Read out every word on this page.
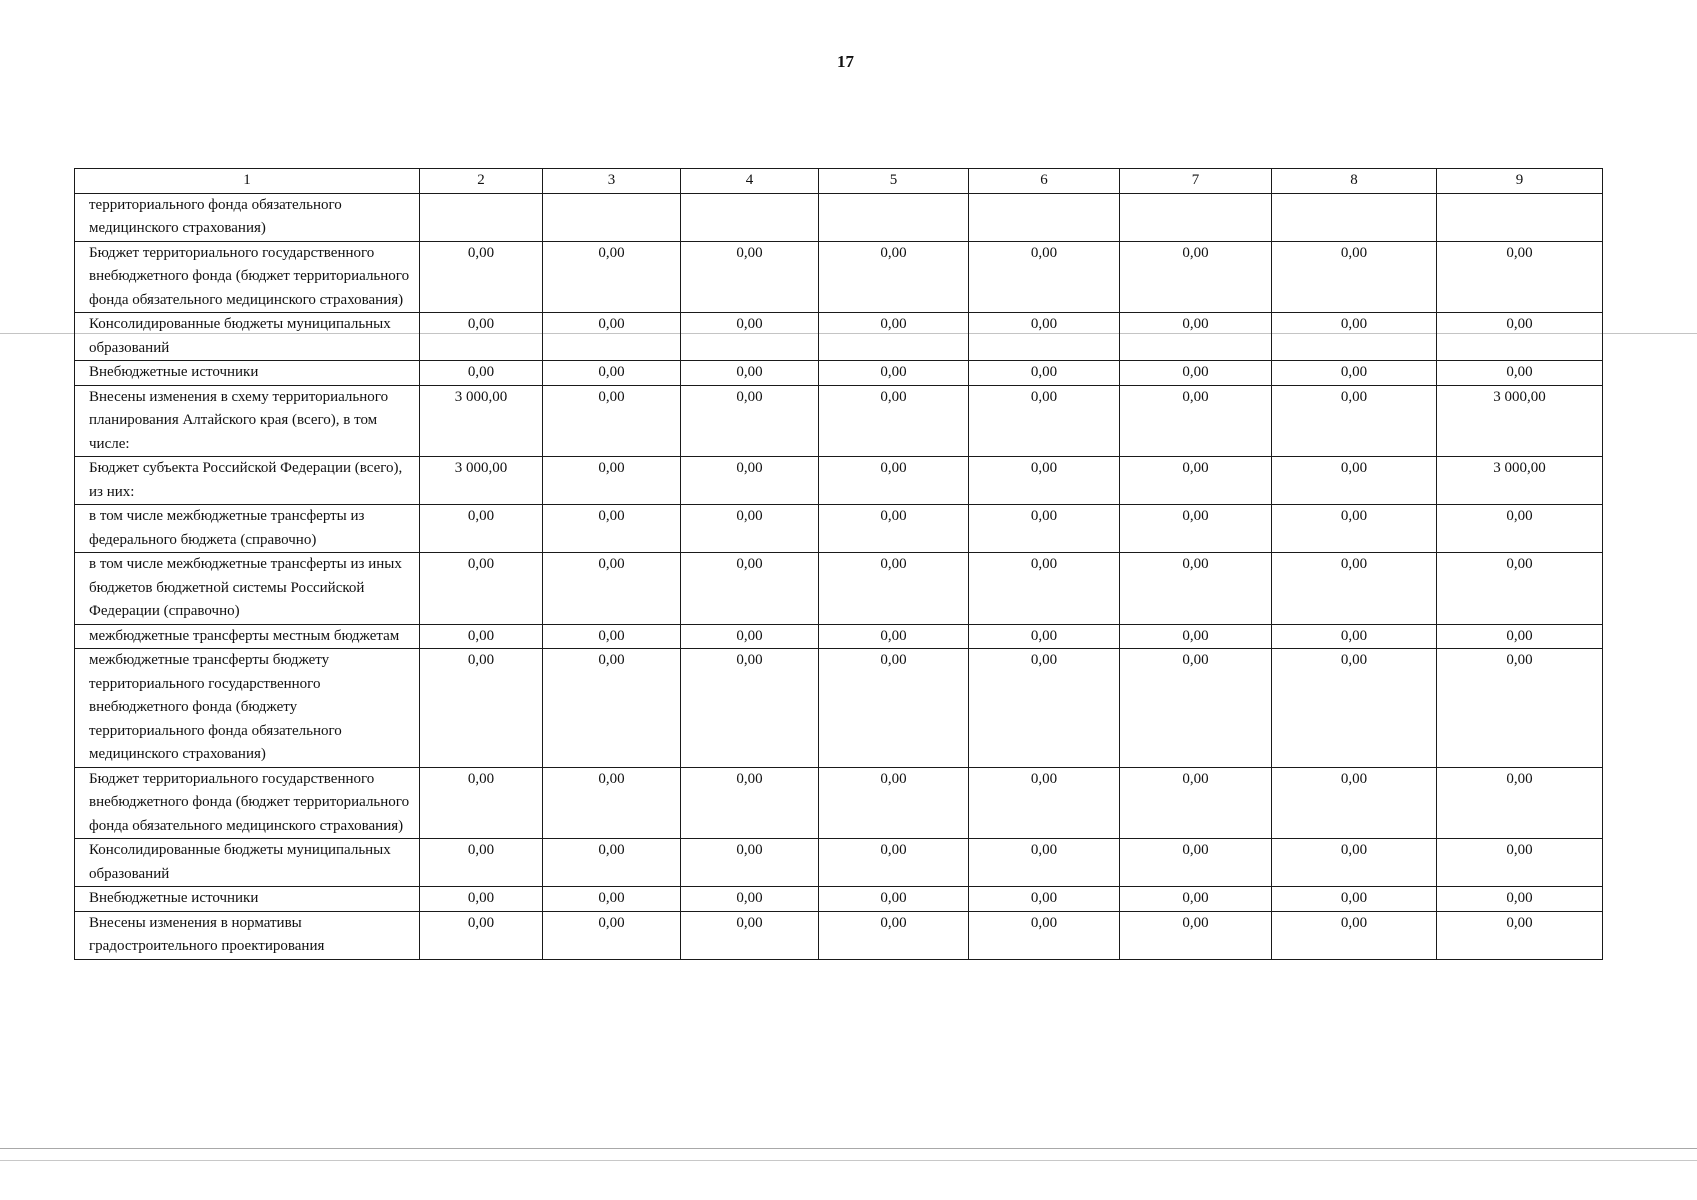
17
1	2	3	4	5	6	7	8	9
территориального фонда обязательного медицинского страхования)								
Бюджет территориального государственного внебюджетного фонда (бюджет территориального фонда обязательного медицинского страхования)	0,00	0,00	0,00	0,00	0,00	0,00	0,00	0,00
Консолидированные бюджеты муниципальных образований	0,00	0,00	0,00	0,00	0,00	0,00	0,00	0,00
Внебюджетные источники	0,00	0,00	0,00	0,00	0,00	0,00	0,00	0,00
Внесены изменения в схему территориального планирования Алтайского края (всего), в том числе:	3 000,00	0,00	0,00	0,00	0,00	0,00	0,00	3 000,00
Бюджет субъекта Российской Федерации (всего), из них:	3 000,00	0,00	0,00	0,00	0,00	0,00	0,00	3 000,00
в том числе межбюджетные трансферты из федерального бюджета (справочно)	0,00	0,00	0,00	0,00	0,00	0,00	0,00	0,00
в том числе межбюджетные трансферты из иных бюджетов бюджетной системы Российской Федерации (справочно)	0,00	0,00	0,00	0,00	0,00	0,00	0,00	0,00
межбюджетные трансферты местным бюджетам	0,00	0,00	0,00	0,00	0,00	0,00	0,00	0,00
межбюджетные трансферты бюджету территориального государственного внебюджетного фонда (бюджету территориального фонда обязательного медицинского страхования)	0,00	0,00	0,00	0,00	0,00	0,00	0,00	0,00
Бюджет территориального государственного внебюджетного фонда (бюджет территориального фонда обязательного медицинского страхования)	0,00	0,00	0,00	0,00	0,00	0,00	0,00	0,00
Консолидированные бюджеты муниципальных образований	0,00	0,00	0,00	0,00	0,00	0,00	0,00	0,00
Внебюджетные источники	0,00	0,00	0,00	0,00	0,00	0,00	0,00	0,00
Внесены изменения в нормативы градостроительного проектирования	0,00	0,00	0,00	0,00	0,00	0,00	0,00	0,00
